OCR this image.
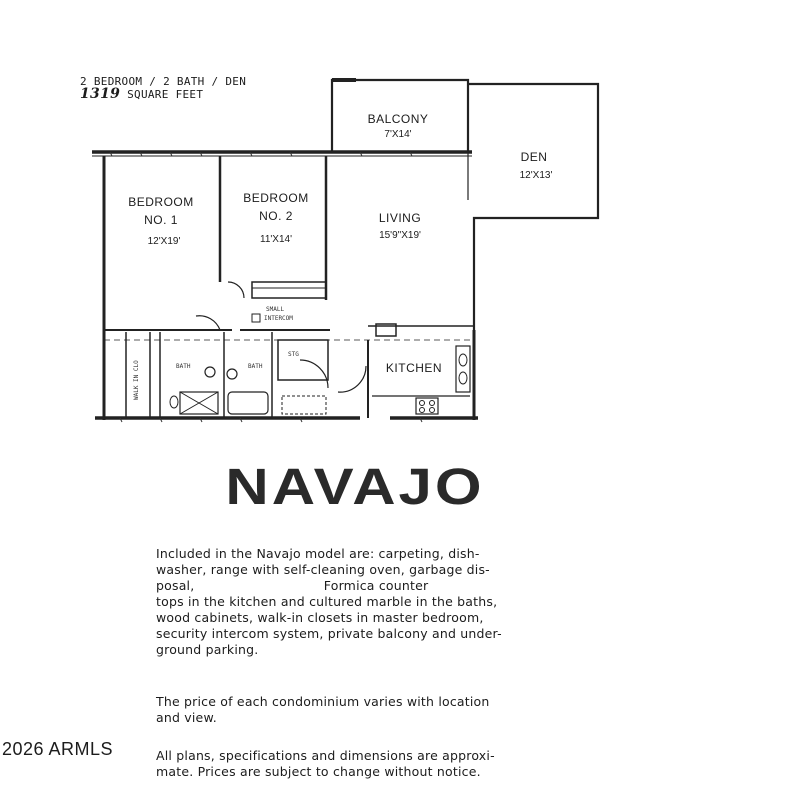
2 BEDROOM / 2 BATH / DEN
1319 SQUARE FEET
BALCONY
7'X14'
DEN
12'X13'
BEDROOM
NO. 1
12'X19'
BEDROOM
NO. 2
11'X14'
LIVING
15'9"X19'
KITCHEN
WALK IN CLO	BATH	BATH
STG
SMALL
INTERCOM
NAVAJO
Included in the Navajo model are: carpeting, dish-
washer, range with self-cleaning oven, garbage dis-
posal,                               Formica counter
tops in the kitchen and cultured marble in the baths,
wood cabinets, walk-in closets in master bedroom,
security intercom system, private balcony and under-
ground parking.
The price of each condominium varies with location
and view.
All plans, specifications and dimensions are approxi-
mate. Prices are subject to change without notice.
2026 ARMLS
